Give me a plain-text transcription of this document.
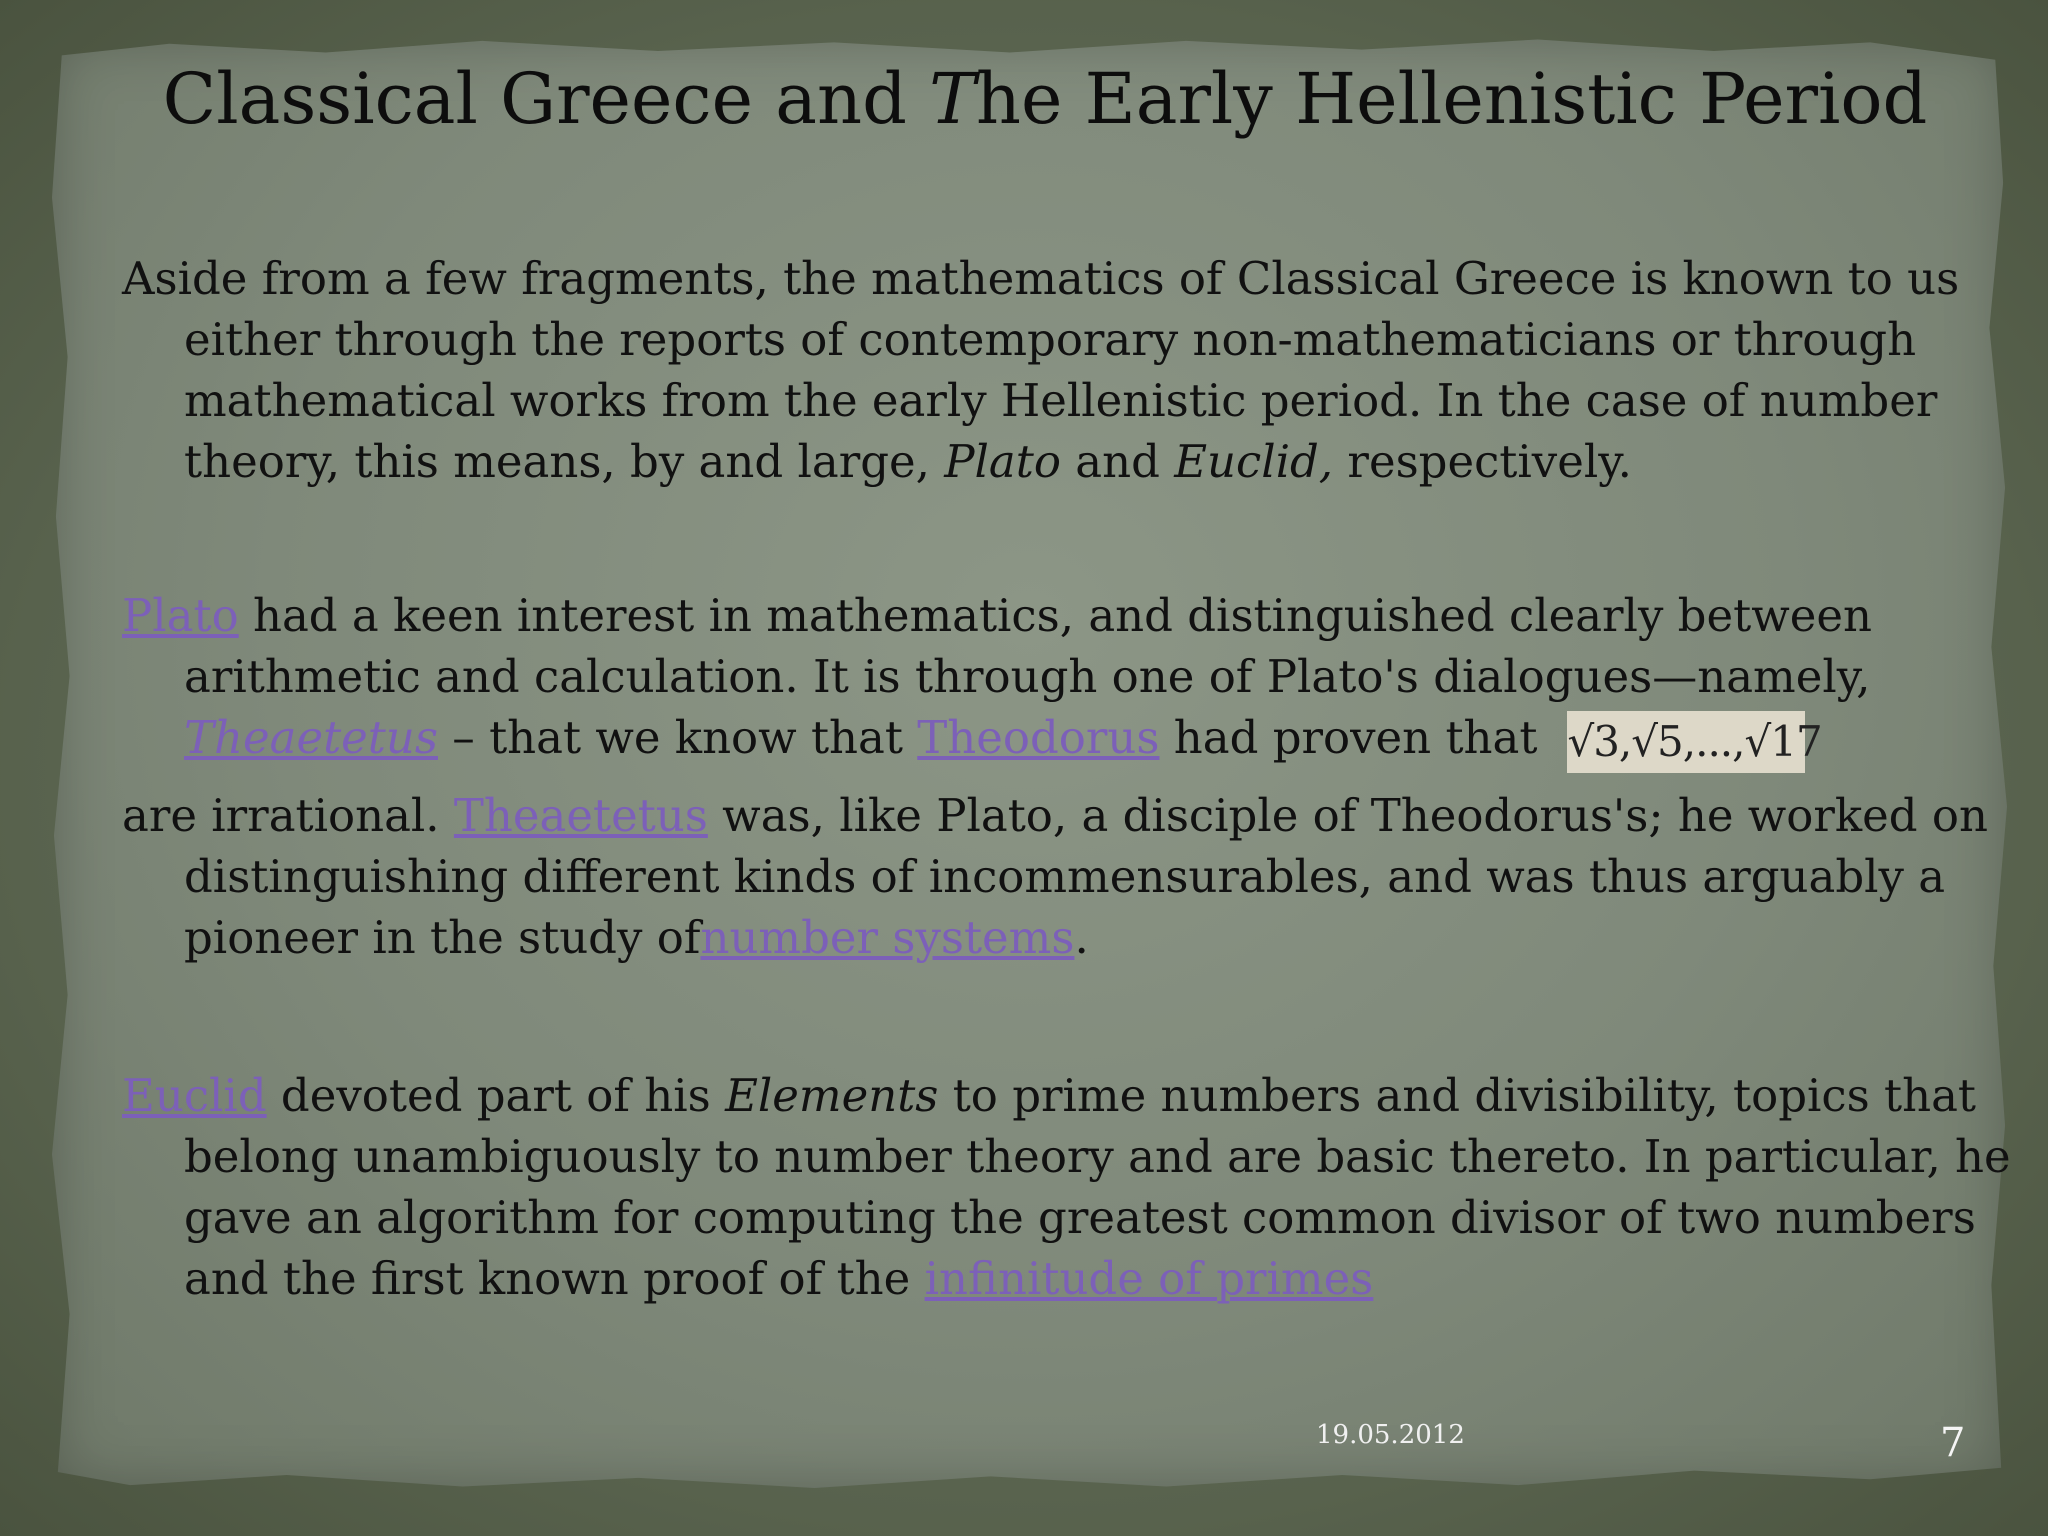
Classical Greece and The Early Hellenistic Period

Aside from a few fragments, the mathematics of Classical Greece is known to us either through the reports of contemporary non-mathematicians or through mathematical works from the early Hellenistic period. In the case of number theory, this means, by and large, Plato and Euclid, respectively.

Plato had a keen interest in mathematics, and distinguished clearly between arithmetic and calculation. It is through one of Plato's dialogues—namely, Theaetetus – that we know that Theodorus had proven that √3,√5,...,√17

are irrational. Theaetetus was, like Plato, a disciple of Theodorus's; he worked on distinguishing different kinds of incommensurables, and was thus arguably a pioneer in the study ofnumber systems.

Euclid devoted part of his Elements to prime numbers and divisibility, topics that belong unambiguously to number theory and are basic thereto. In particular, he gave an algorithm for computing the greatest common divisor of two numbers and the first known proof of the infinitude of primes

19.05.2012	7
